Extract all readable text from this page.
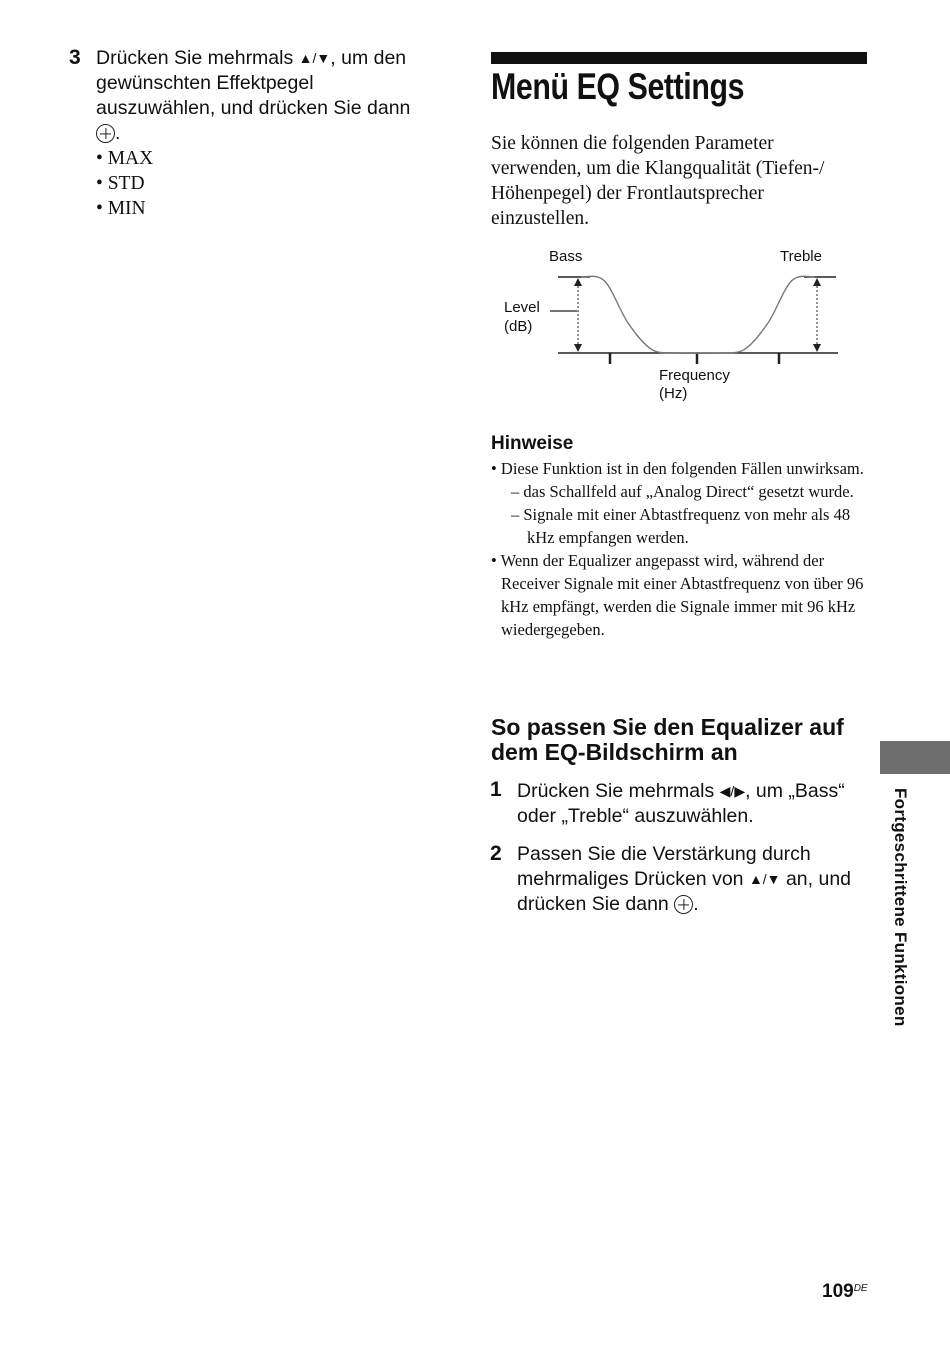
3 Drücken Sie mehrmals ▲/▼, um den
gewünschten Effektpegel
auszuwählen, und drücken Sie dann
.
• MAX
• STD
• MIN
Menü EQ Settings
Sie können die folgenden Parameter verwenden, um die Klangqualität (Tiefen-/ Höhenpegel) der Frontlautsprecher einzustellen.
Bass	Treble
Level
(dB)
Frequency
(Hz)
Hinweise
• Diese Funktion ist in den folgenden Fällen unwirksam.
– das Schallfeld auf „Analog Direct“ gesetzt wurde.
– Signale mit einer Abtastfrequenz von mehr als 48 kHz empfangen werden.
• Wenn der Equalizer angepasst wird, während der Receiver Signale mit einer Abtastfrequenz von über 96 kHz empfängt, werden die Signale immer mit 96 kHz wiedergegeben.
So passen Sie den Equalizer auf dem EQ-Bildschirm an
1 Drücken Sie mehrmals ◀/▶, um „Bass“ oder „Treble“ auszuwählen.
2 Passen Sie die Verstärkung durch mehrmaliges Drücken von ▲/▼ an, und drücken Sie dann .	Fortgeschrittene Funktionen
109DE
